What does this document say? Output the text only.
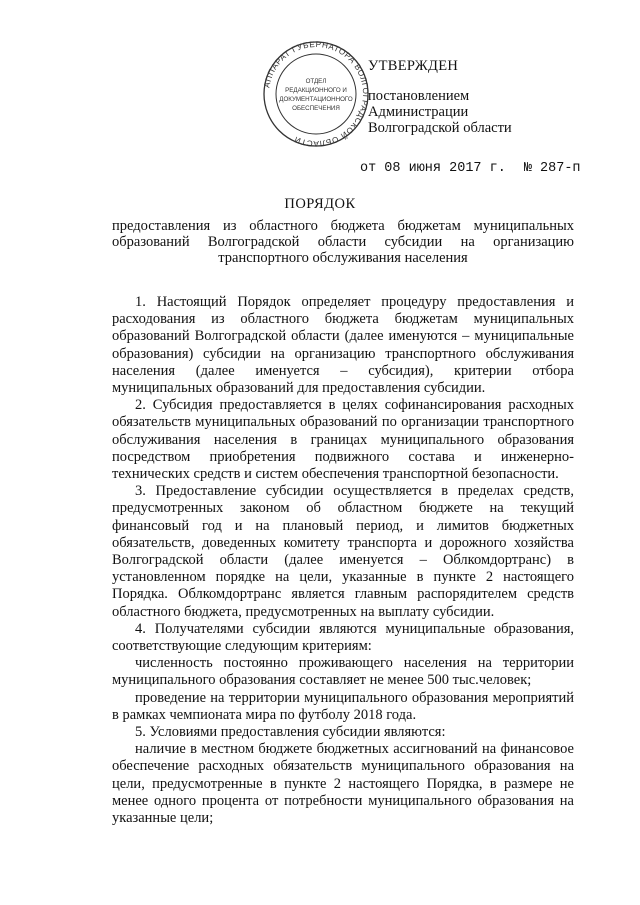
АППАРАТ ГУБЕРНАТОРА ВОЛГОГРАДСКОЙ ОБЛАСТИ
ОТДЕЛ
РЕДАКЦИОННОГО И
ДОКУМЕНТАЦИОННОГО
ОБЕСПЕЧЕНИЯ
УТВЕРЖДЕН
постановлением
Администрации
Волгоградской области
от 08 июня 2017 г. № 287-п
ПОРЯДОК
предоставления из областного бюджета бюджетам муниципальных образований Волгоградской области субсидии на организацию транспортного обслуживания населения

1. Настоящий Порядок определяет процедуру предоставления и расходования из областного бюджета бюджетам муниципальных образований Волгоградской области (далее именуются – муниципальные образования) субсидии на организацию транспортного обслуживания населения (далее именуется – субсидия), критерии отбора муниципальных образований для предоставления субсидии.

2. Субсидия предоставляется в целях софинансирования расходных обязательств муниципальных образований по организации транспортного обслуживания населения в границах муниципального образования посредством приобретения подвижного состава и инженерно-технических средств и систем обеспечения транспортной безопасности.

3. Предоставление субсидии осуществляется в пределах средств, предусмотренных законом об областном бюджете на текущий финансовый год и на плановый период, и лимитов бюджетных обязательств, доведенных комитету транспорта и дорожного хозяйства Волгоградской области (далее именуется – Облкомдортранс) в установленном порядке на цели, указанные в пункте 2 настоящего Порядка. Облкомдортранс является главным распорядителем средств областного бюджета, предусмотренных на выплату субсидии.

4. Получателями субсидии являются муниципальные образования, соответствующие следующим критериям:

численность постоянно проживающего населения на территории муниципального образования составляет не менее 500 тыс.человек;

проведение на территории муниципального образования мероприятий в рамках чемпионата мира по футболу 2018 года.

5. Условиями предоставления субсидии являются:

наличие в местном бюджете бюджетных ассигнований на финансовое обеспечение расходных обязательств муниципального образования на цели, предусмотренные в пункте 2 настоящего Порядка, в размере не менее одного процента от потребности муниципального образования на указанные цели;
